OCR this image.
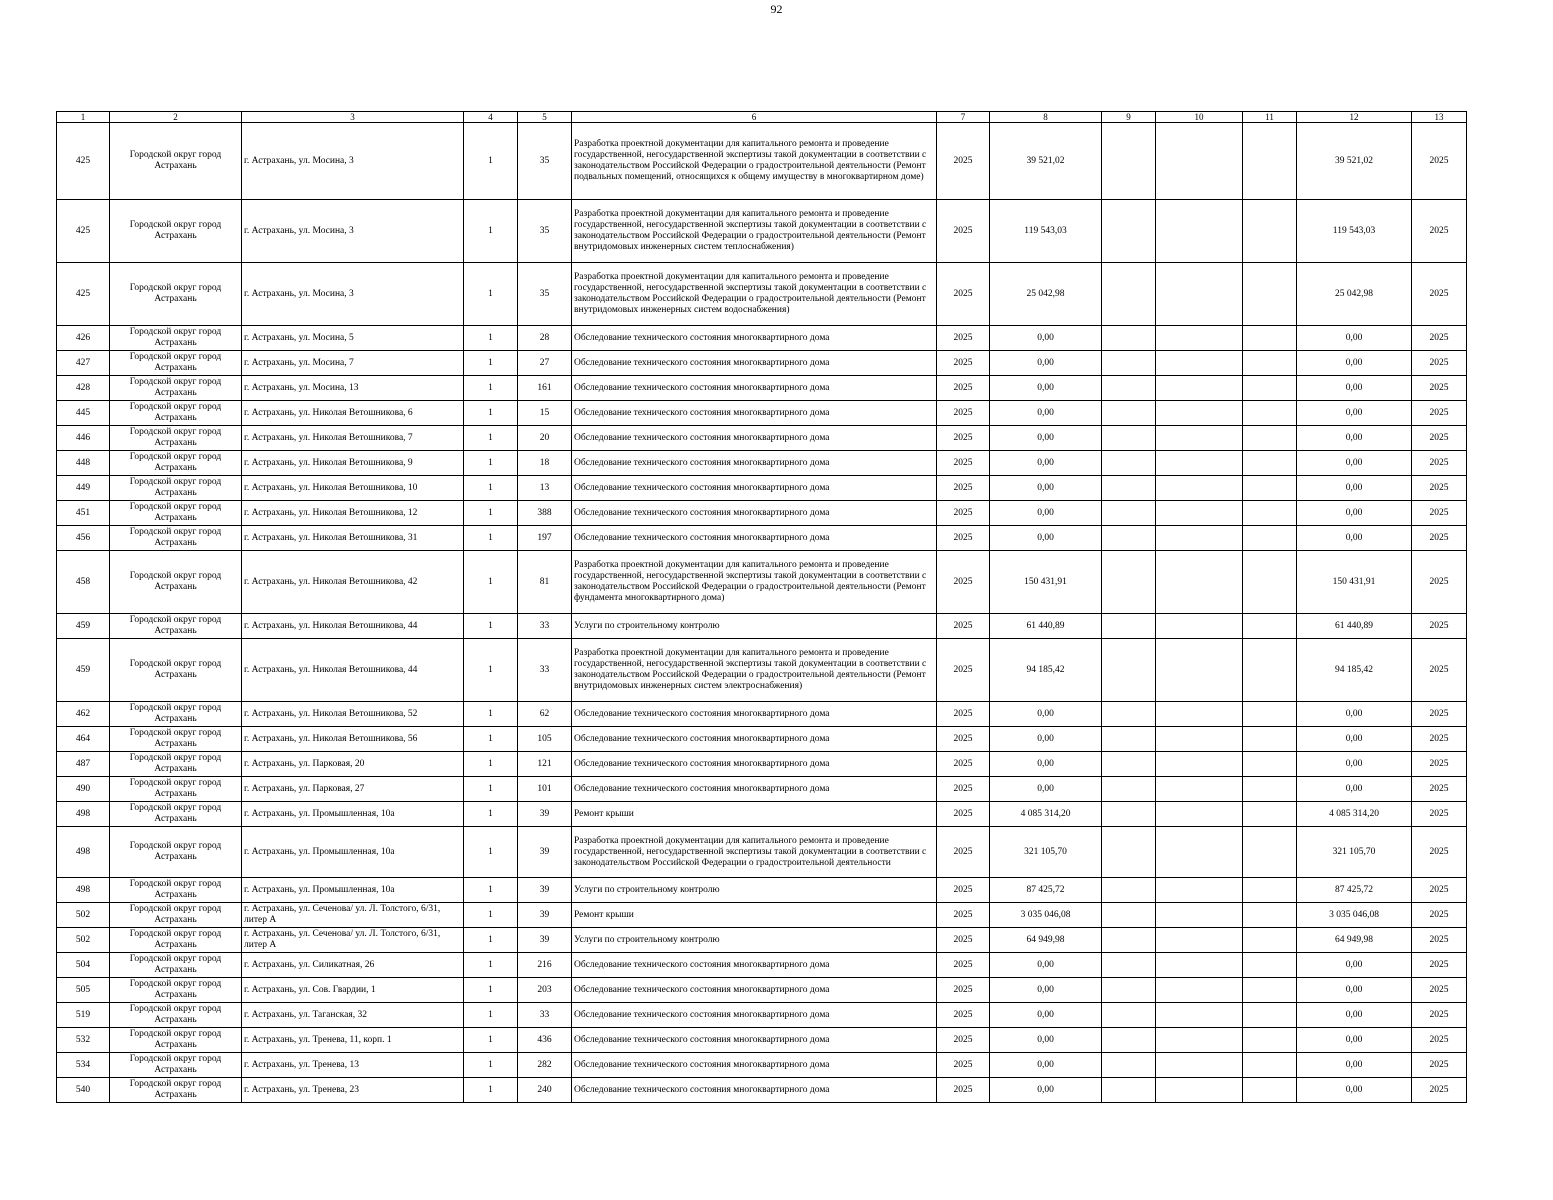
92
1	2	3	4	5	6	7	8	9	10	11	12	13
425	Городской округ город Астрахань	г. Астрахань, ул. Мосина, 3	1	35	Разработка проектной документации для капитального ремонта и проведение государственной, негосударственной экспертизы такой документации в соответствии с законодательством Российской Федерации о градостроительной деятельности (Ремонт подвальных помещений, относящихся к общему имуществу в многоквартирном доме)	2025	39 521,02				39 521,02	2025
425	Городской округ город Астрахань	г. Астрахань, ул. Мосина, 3	1	35	Разработка проектной документации для капитального ремонта и проведение государственной, негосударственной экспертизы такой документации в соответствии с законодательством Российской Федерации о градостроительной деятельности (Ремонт внутридомовых инженерных систем теплоснабжения)	2025	119 543,03				119 543,03	2025
425	Городской округ город Астрахань	г. Астрахань, ул. Мосина, 3	1	35	Разработка проектной документации для капитального ремонта и проведение государственной, негосударственной экспертизы такой документации в соответствии с законодательством Российской Федерации о градостроительной деятельности (Ремонт внутридомовых инженерных систем водоснабжения)	2025	25 042,98				25 042,98	2025
426	Городской округ город Астрахань	г. Астрахань, ул. Мосина, 5	1	28	Обследование технического состояния многоквартирного дома	2025	0,00				0,00	2025
427	Городской округ город Астрахань	г. Астрахань, ул. Мосина, 7	1	27	Обследование технического состояния многоквартирного дома	2025	0,00				0,00	2025
428	Городской округ город Астрахань	г. Астрахань, ул. Мосина, 13	1	161	Обследование технического состояния многоквартирного дома	2025	0,00				0,00	2025
445	Городской округ город Астрахань	г. Астрахань, ул. Николая Ветошникова, 6	1	15	Обследование технического состояния многоквартирного дома	2025	0,00				0,00	2025
446	Городской округ город Астрахань	г. Астрахань, ул. Николая Ветошникова, 7	1	20	Обследование технического состояния многоквартирного дома	2025	0,00				0,00	2025
448	Городской округ город Астрахань	г. Астрахань, ул. Николая Ветошникова, 9	1	18	Обследование технического состояния многоквартирного дома	2025	0,00				0,00	2025
449	Городской округ город Астрахань	г. Астрахань, ул. Николая Ветошникова, 10	1	13	Обследование технического состояния многоквартирного дома	2025	0,00				0,00	2025
451	Городской округ город Астрахань	г. Астрахань, ул. Николая Ветошникова, 12	1	388	Обследование технического состояния многоквартирного дома	2025	0,00				0,00	2025
456	Городской округ город Астрахань	г. Астрахань, ул. Николая Ветошникова, 31	1	197	Обследование технического состояния многоквартирного дома	2025	0,00				0,00	2025
458	Городской округ город Астрахань	г. Астрахань, ул. Николая Ветошникова, 42	1	81	Разработка проектной документации для капитального ремонта и проведение государственной, негосударственной экспертизы такой документации в соответствии с законодательством Российской Федерации о градостроительной деятельности (Ремонт фундамента многоквартирного дома)	2025	150 431,91				150 431,91	2025
459	Городской округ город Астрахань	г. Астрахань, ул. Николая Ветошникова, 44	1	33	Услуги по строительному контролю	2025	61 440,89				61 440,89	2025
459	Городской округ город Астрахань	г. Астрахань, ул. Николая Ветошникова, 44	1	33	Разработка проектной документации для капитального ремонта и проведение государственной, негосударственной экспертизы такой документации в соответствии с законодательством Российской Федерации о градостроительной деятельности (Ремонт внутридомовых инженерных систем электроснабжения)	2025	94 185,42				94 185,42	2025
462	Городской округ город Астрахань	г. Астрахань, ул. Николая Ветошникова, 52	1	62	Обследование технического состояния многоквартирного дома	2025	0,00				0,00	2025
464	Городской округ город Астрахань	г. Астрахань, ул. Николая Ветошникова, 56	1	105	Обследование технического состояния многоквартирного дома	2025	0,00				0,00	2025
487	Городской округ город Астрахань	г. Астрахань, ул. Парковая, 20	1	121	Обследование технического состояния многоквартирного дома	2025	0,00				0,00	2025
490	Городской округ город Астрахань	г. Астрахань, ул. Парковая, 27	1	101	Обследование технического состояния многоквартирного дома	2025	0,00				0,00	2025
498	Городской округ город Астрахань	г. Астрахань, ул. Промышленная, 10а	1	39	Ремонт крыши	2025	4 085 314,20				4 085 314,20	2025
498	Городской округ город Астрахань	г. Астрахань, ул. Промышленная, 10а	1	39	Разработка проектной документации для капитального ремонта и проведение государственной, негосударственной экспертизы такой документации в соответствии с законодательством Российской Федерации о градостроительной деятельности	2025	321 105,70				321 105,70	2025
498	Городской округ город Астрахань	г. Астрахань, ул. Промышленная, 10а	1	39	Услуги по строительному контролю	2025	87 425,72				87 425,72	2025
502	Городской округ город Астрахань	г. Астрахань, ул. Сеченова/ ул. Л. Толстого, 6/31, литер А	1	39	Ремонт крыши	2025	3 035 046,08				3 035 046,08	2025
502	Городской округ город Астрахань	г. Астрахань, ул. Сеченова/ ул. Л. Толстого, 6/31, литер А	1	39	Услуги по строительному контролю	2025	64 949,98				64 949,98	2025
504	Городской округ город Астрахань	г. Астрахань, ул. Силикатная, 26	1	216	Обследование технического состояния многоквартирного дома	2025	0,00				0,00	2025
505	Городской округ город Астрахань	г. Астрахань, ул. Сов. Гвардии, 1	1	203	Обследование технического состояния многоквартирного дома	2025	0,00				0,00	2025
519	Городской округ город Астрахань	г. Астрахань, ул. Таганская, 32	1	33	Обследование технического состояния многоквартирного дома	2025	0,00				0,00	2025
532	Городской округ город Астрахань	г. Астрахань, ул. Тренева, 11, корп. 1	1	436	Обследование технического состояния многоквартирного дома	2025	0,00				0,00	2025
534	Городской округ город Астрахань	г. Астрахань, ул. Тренева, 13	1	282	Обследование технического состояния многоквартирного дома	2025	0,00				0,00	2025
540	Городской округ город Астрахань	г. Астрахань, ул. Тренева, 23	1	240	Обследование технического состояния многоквартирного дома	2025	0,00				0,00	2025
